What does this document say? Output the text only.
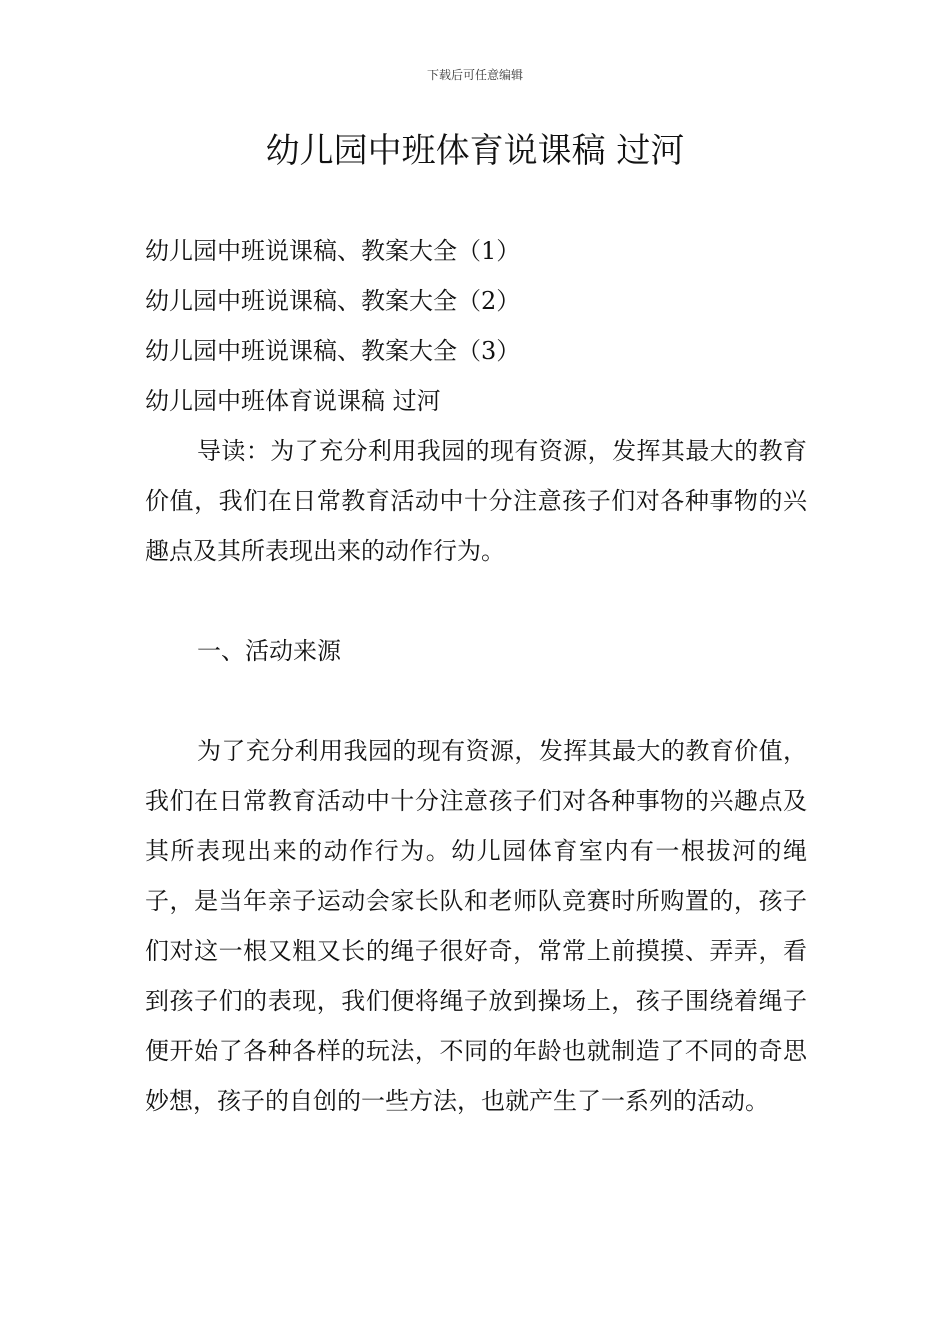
下载后可任意编辑
幼儿园中班体育说课稿 过河
幼儿园中班说课稿、教案大全（1）
幼儿园中班说课稿、教案大全（2）
幼儿园中班说课稿、教案大全（3）
幼儿园中班体育说课稿 过河

导读：为了充分利用我园的现有资源，发挥其最大的教育价值，我们在日常教育活动中十分注意孩子们对各种事物的兴趣点及其所表现出来的动作行为。

一、活动来源

为了充分利用我园的现有资源，发挥其最大的教育价值，我们在日常教育活动中十分注意孩子们对各种事物的兴趣点及其所表现出来的动作行为。幼儿园体育室内有一根拔河的绳子，是当年亲子运动会家长队和老师队竞赛时所购置的，孩子们对这一根又粗又长的绳子很好奇，常常上前摸摸、弄弄，看到孩子们的表现，我们便将绳子放到操场上，孩子围绕着绳子便开始了各种各样的玩法，不同的年龄也就制造了不同的奇思妙想，孩子的自创的一些方法，也就产生了一系列的活动。
